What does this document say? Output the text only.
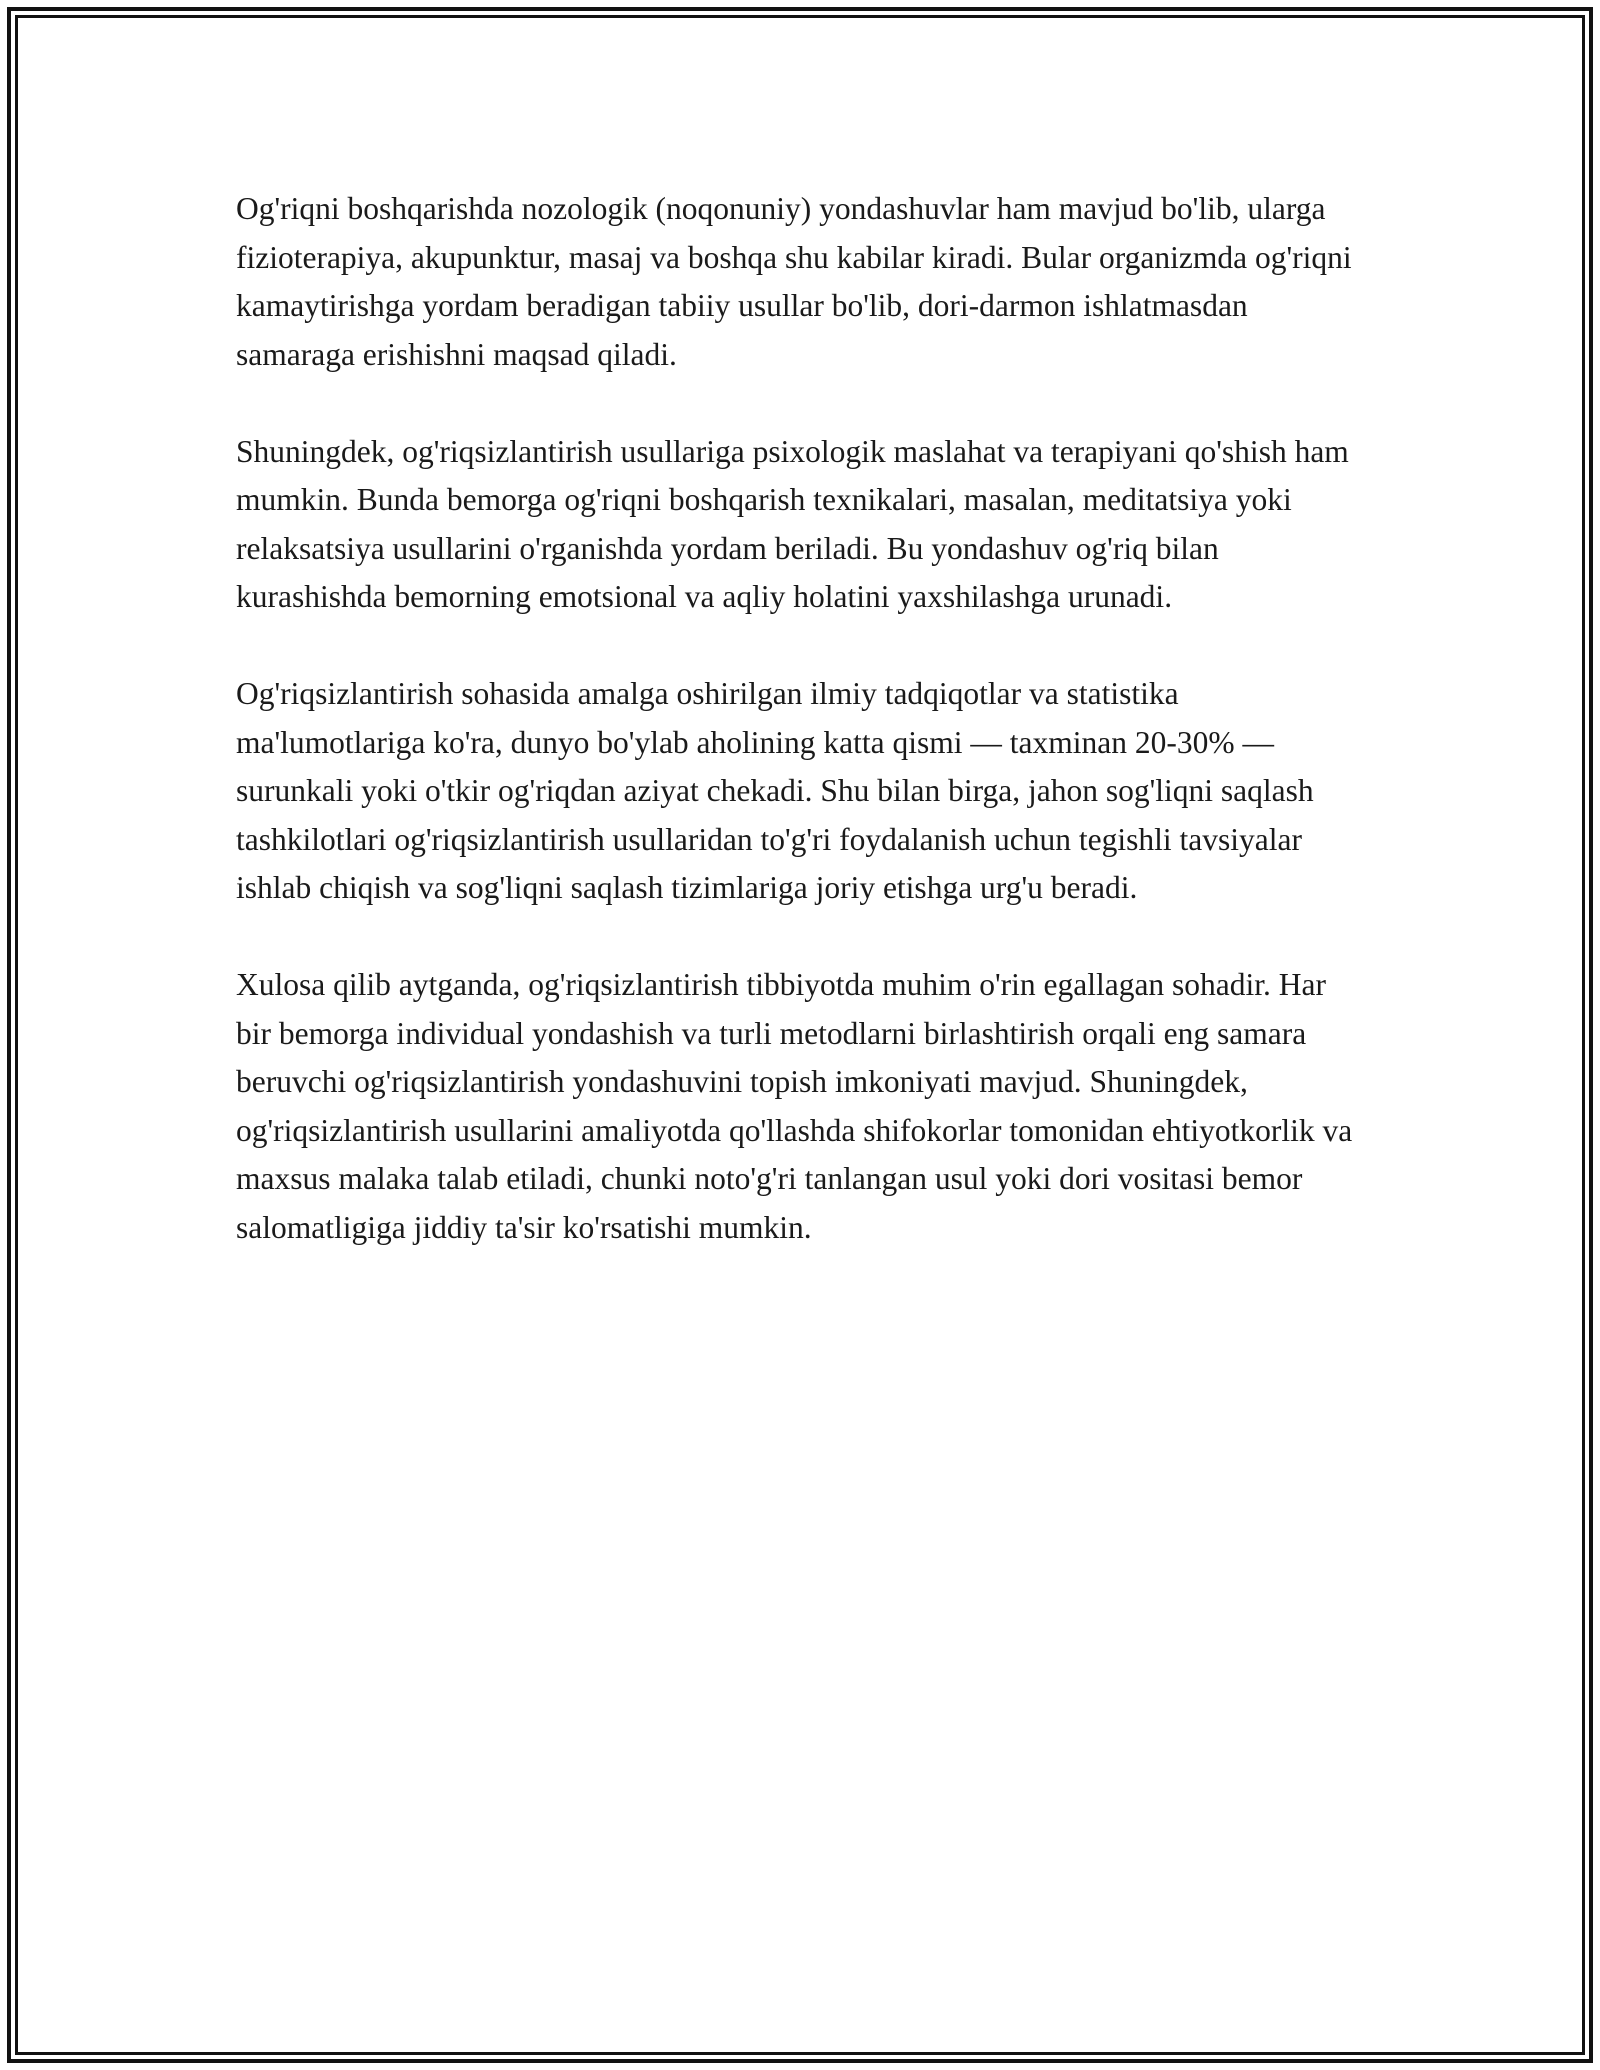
Og'riqni boshqarishda nozologik (noqonuniy) yondashuvlar ham mavjud bo'lib, ularga fizioterapiya, akupunktur, masaj va boshqa shu kabilar kiradi. Bular organizmda og'riqni kamaytirishga yordam beradigan tabiiy usullar bo'lib, dori-darmon ishlatmasdan samaraga erishishni maqsad qiladi.

Shuningdek, og'riqsizlantirish usullariga psixologik maslahat va terapiyani qo'shish ham mumkin. Bunda bemorga og'riqni boshqarish texnikalari, masalan, meditatsiya yoki relaksatsiya usullarini o'rganishda yordam beriladi. Bu yondashuv og'riq bilan kurashishda bemorning emotsional va aqliy holatini yaxshilashga urunadi.

Og'riqsizlantirish sohasida amalga oshirilgan ilmiy tadqiqotlar va statistika ma'lumotlariga ko'ra, dunyo bo'ylab aholining katta qismi — taxminan 20-30% — surunkali yoki o'tkir og'riqdan aziyat chekadi. Shu bilan birga, jahon sog'liqni saqlash tashkilotlari og'riqsizlantirish usullaridan to'g'ri foydalanish uchun tegishli tavsiyalar ishlab chiqish va sog'liqni saqlash tizimlariga joriy etishga urg'u beradi.

Xulosa qilib aytganda, og'riqsizlantirish tibbiyotda muhim o'rin egallagan sohadir. Har bir bemorga individual yondashish va turli metodlarni birlashtirish orqali eng samara beruvchi og'riqsizlantirish yondashuvini topish imkoniyati mavjud. Shuningdek, og'riqsizlantirish usullarini amaliyotda qo'llashda shifokorlar tomonidan ehtiyotkorlik va maxsus malaka talab etiladi, chunki noto'g'ri tanlangan usul yoki dori vositasi bemor salomatligiga jiddiy ta'sir ko'rsatishi mumkin.
